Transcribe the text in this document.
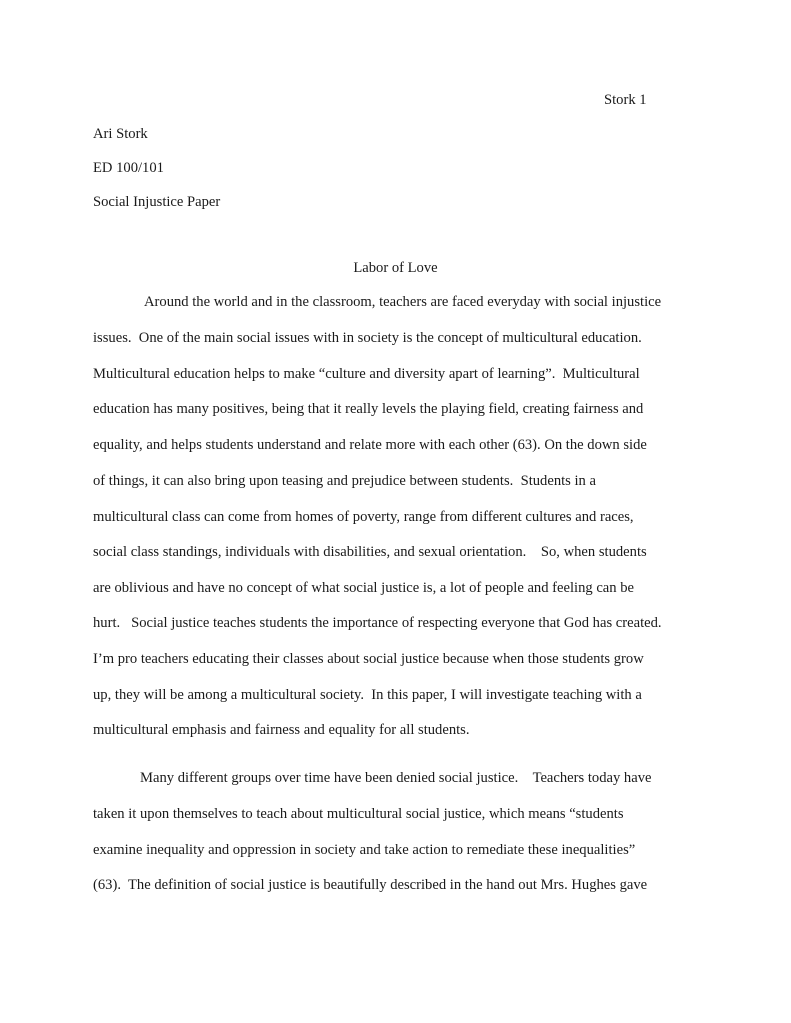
Stork 1
Ari Stork
ED 100/101
Social Injustice Paper
Labor of Love
Around the world and in the classroom, teachers are faced everyday with social injustice
issues.  One of the main social issues with in society is the concept of multicultural education.
Multicultural education helps to make “culture and diversity apart of learning”.  Multicultural
education has many positives, being that it really levels the playing field, creating fairness and
equality, and helps students understand and relate more with each other (63). On the down side
of things, it can also bring upon teasing and prejudice between students.  Students in a
multicultural class can come from homes of poverty, range from different cultures and races,
social class standings, individuals with disabilities, and sexual orientation.    So, when students
are oblivious and have no concept of what social justice is, a lot of people and feeling can be
hurt.   Social justice teaches students the importance of respecting everyone that God has created.
I’m pro teachers educating their classes about social justice because when those students grow
up, they will be among a multicultural society.  In this paper, I will investigate teaching with a
multicultural emphasis and fairness and equality for all students.
Many different groups over time have been denied social justice.    Teachers today have
taken it upon themselves to teach about multicultural social justice, which means “students
examine inequality and oppression in society and take action to remediate these inequalities”
(63).  The definition of social justice is beautifully described in the hand out Mrs. Hughes gave
